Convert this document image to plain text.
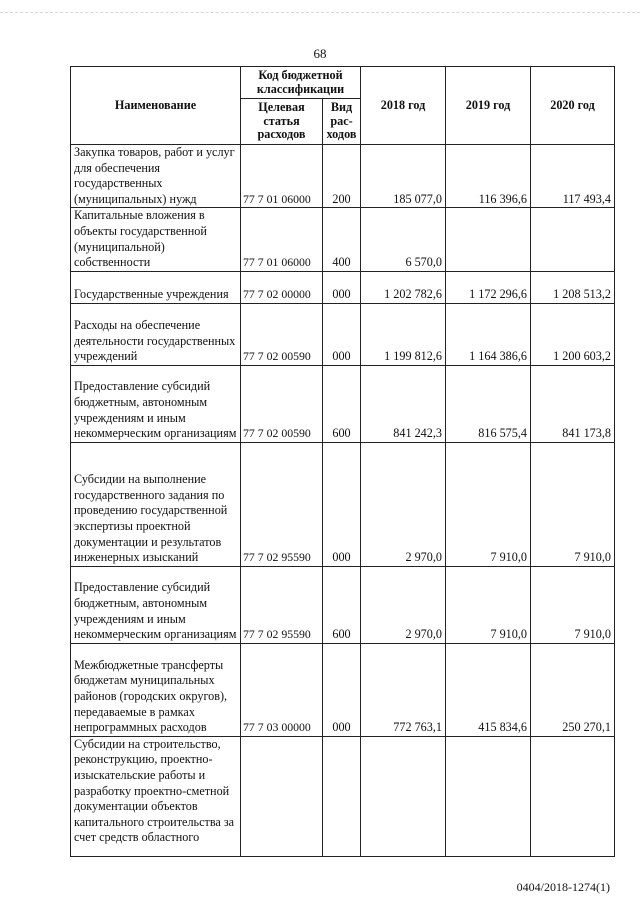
68
Наименование	Код бюджетной классификации		2018 год	2019 год	2020 год
	Целевая статья расходов	Вид рас-ходов			
Закупка товаров, работ и услуг для обеспечения государственных (муниципальных) нужд	77 7 01 06000	200	185 077,0	116 396,6	117 493,4
Капитальные вложения в объекты государственной (муниципальной) собственности	77 7 01 06000	400	6 570,0		
Государственные учреждения	77 7 02 00000	000	1 202 782,6	1 172 296,6	1 208 513,2
Расходы на обеспечение деятельности государственных учреждений	77 7 02 00590	000	1 199 812,6	1 164 386,6	1 200 603,2
Предоставление субсидий бюджетным, автономным учреждениям и иным некоммерческим организациям	77 7 02 00590	600	841 242,3	816 575,4	841 173,8
Субсидии на выполнение государственного задания по проведению государственной экспертизы проектной документации и результатов инженерных изысканий	77 7 02 95590	000	2 970,0	7 910,0	7 910,0
Предоставление субсидий бюджетным, автономным учреждениям и иным некоммерческим организациям	77 7 02 95590	600	2 970,0	7 910,0	7 910,0
Межбюджетные трансферты бюджетам муниципальных районов (городских округов), передаваемые в рамках непрограммных расходов	77 7 03 00000	000	772 763,1	415 834,6	250 270,1
Субсидии на строительство, реконструкцию, проектно-изыскательские работы и разработку проектно-сметной документации объектов капитального строительства за счет средств областного					
0404/2018-1274(1)
